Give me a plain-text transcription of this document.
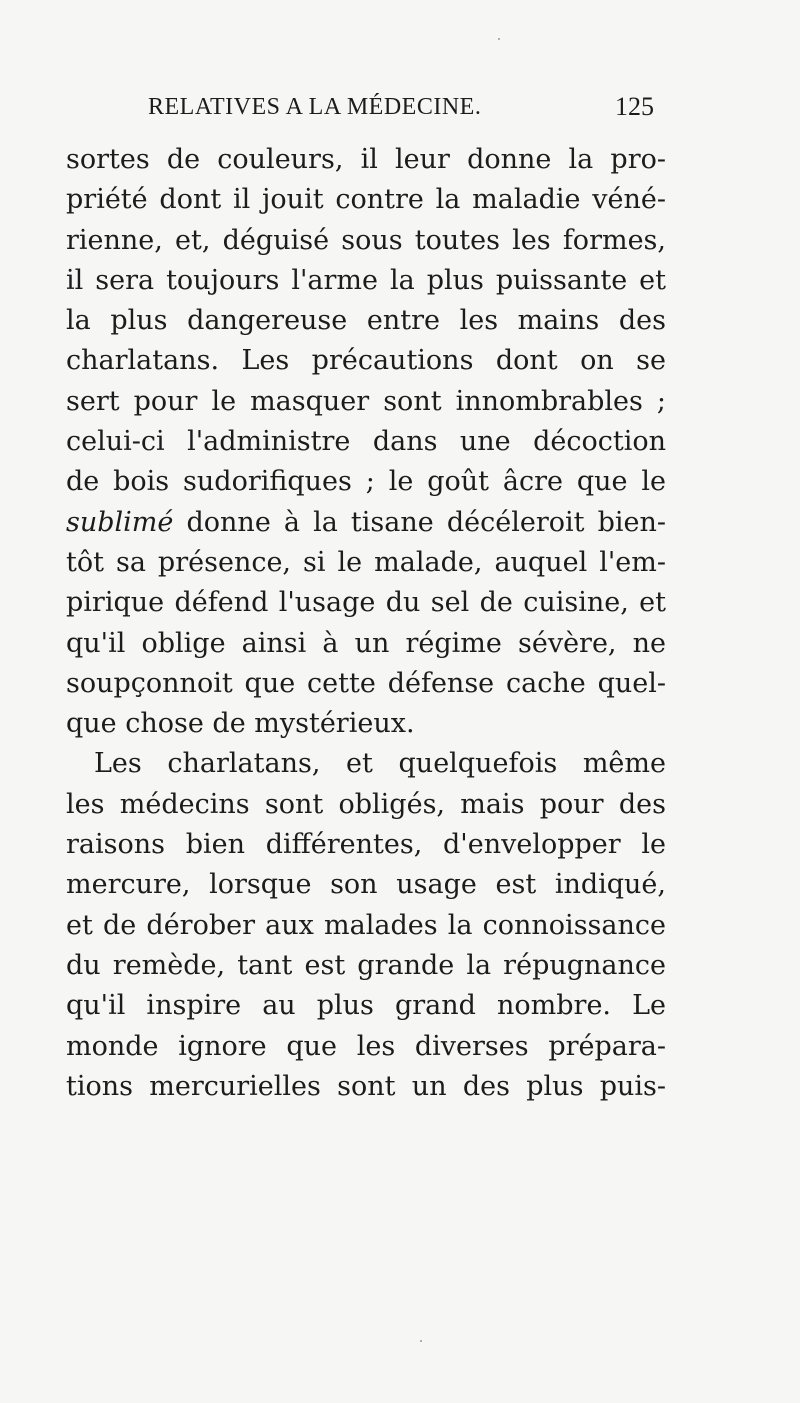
RELATIVES A LA MÉDECINE.	125
sortes de couleurs, il leur donne la pro-
priété dont il jouit contre la maladie véné-
rienne, et, déguisé sous toutes les formes,
il sera toujours l'arme la plus puissante et
la plus dangereuse entre les mains des
charlatans. Les précautions dont on se
sert pour le masquer sont innombrables ;
celui-ci l'administre dans une décoction
de bois sudorifiques ; le goût âcre que le
sublimé donne à la tisane décéleroit bien-
tôt sa présence, si le malade, auquel l'em-
pirique défend l'usage du sel de cuisine, et
qu'il oblige ainsi à un régime sévère, ne
soupçonnoit que cette défense cache quel-
que chose de mystérieux.
Les charlatans, et quelquefois même
les médecins sont obligés, mais pour des
raisons bien différentes, d'envelopper le
mercure, lorsque son usage est indiqué,
et de dérober aux malades la connoissance
du remède, tant est grande la répugnance
qu'il inspire au plus grand nombre. Le
monde ignore que les diverses prépara-
tions mercurielles sont un des plus puis-
